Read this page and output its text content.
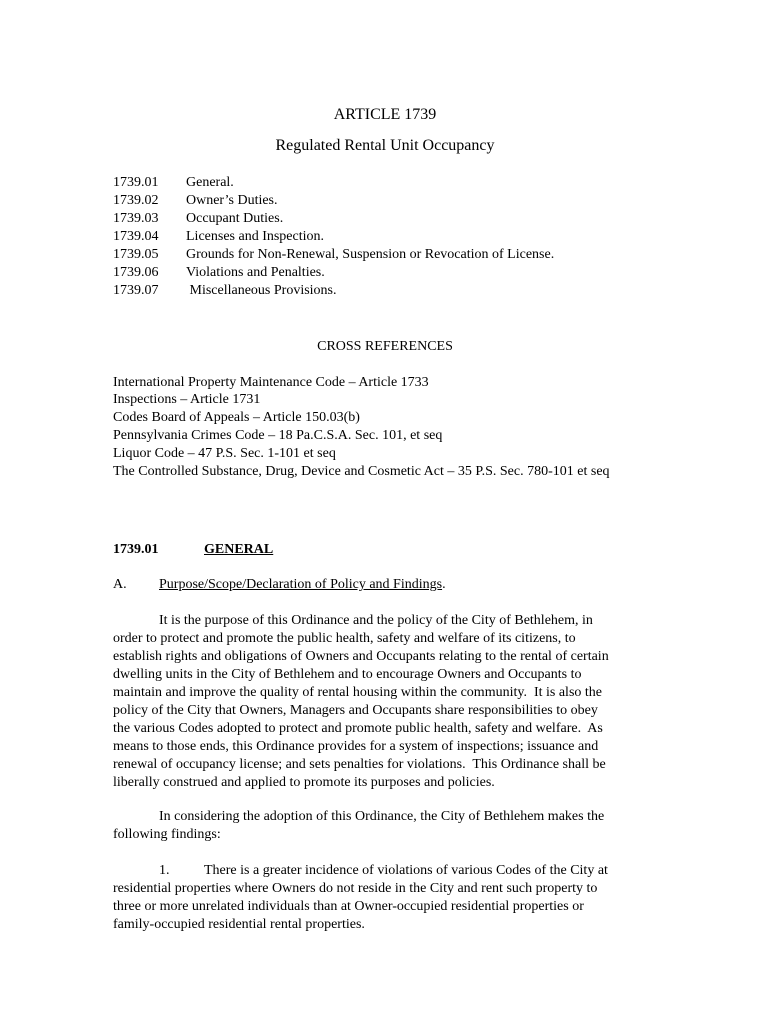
ARTICLE 1739
Regulated Rental Unit Occupancy
1739.01 General.
1739.02 Owner’s Duties.
1739.03 Occupant Duties.
1739.04 Licenses and Inspection.
1739.05 Grounds for Non-Renewal, Suspension or Revocation of License.
1739.06 Violations and Penalties.
1739.07 Miscellaneous Provisions.
CROSS REFERENCES
International Property Maintenance Code – Article 1733
Inspections – Article 1731
Codes Board of Appeals – Article 150.03(b)
Pennsylvania Crimes Code – 18 Pa.C.S.A. Sec. 101, et seq
Liquor Code – 47 P.S. Sec. 1-101 et seq
The Controlled Substance, Drug, Device and Cosmetic Act – 35 P.S. Sec. 780-101 et seq
1739.01	GENERAL
A. Purpose/Scope/Declaration of Policy and Findings.
It is the purpose of this Ordinance and the policy of the City of Bethlehem, in
order to protect and promote the public health, safety and welfare of its citizens, to
establish rights and obligations of Owners and Occupants relating to the rental of certain
dwelling units in the City of Bethlehem and to encourage Owners and Occupants to
maintain and improve the quality of rental housing within the community.  It is also the
policy of the City that Owners, Managers and Occupants share responsibilities to obey
the various Codes adopted to protect and promote public health, safety and welfare.  As
means to those ends, this Ordinance provides for a system of inspections; issuance and
renewal of occupancy license; and sets penalties for violations.  This Ordinance shall be
liberally construed and applied to promote its purposes and policies.
In considering the adoption of this Ordinance, the City of Bethlehem makes the
following findings:
1.	There is a greater incidence of violations of various Codes of the City at
residential properties where Owners do not reside in the City and rent such property to
three or more unrelated individuals than at Owner-occupied residential properties or
family-occupied residential rental properties.
